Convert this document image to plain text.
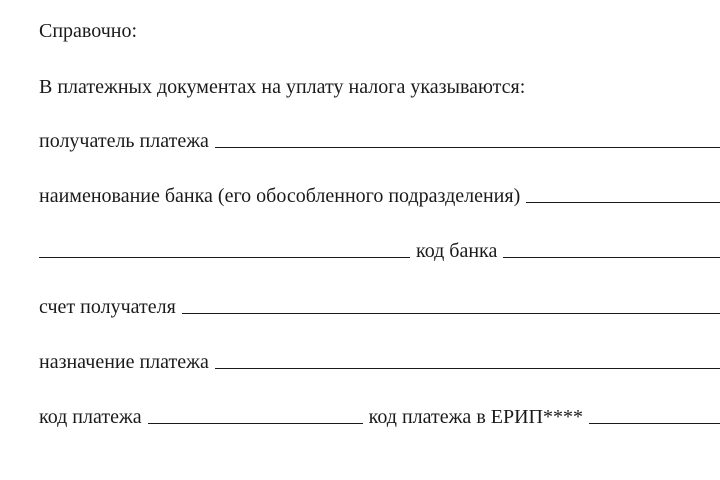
Справочно:
В платежных документах на уплату налога указываются:
получатель платежа
наименование банка (его обособленного подразделения)
код банка
счет получателя
назначение платежа
код платежа	код платежа в ЕРИП****
